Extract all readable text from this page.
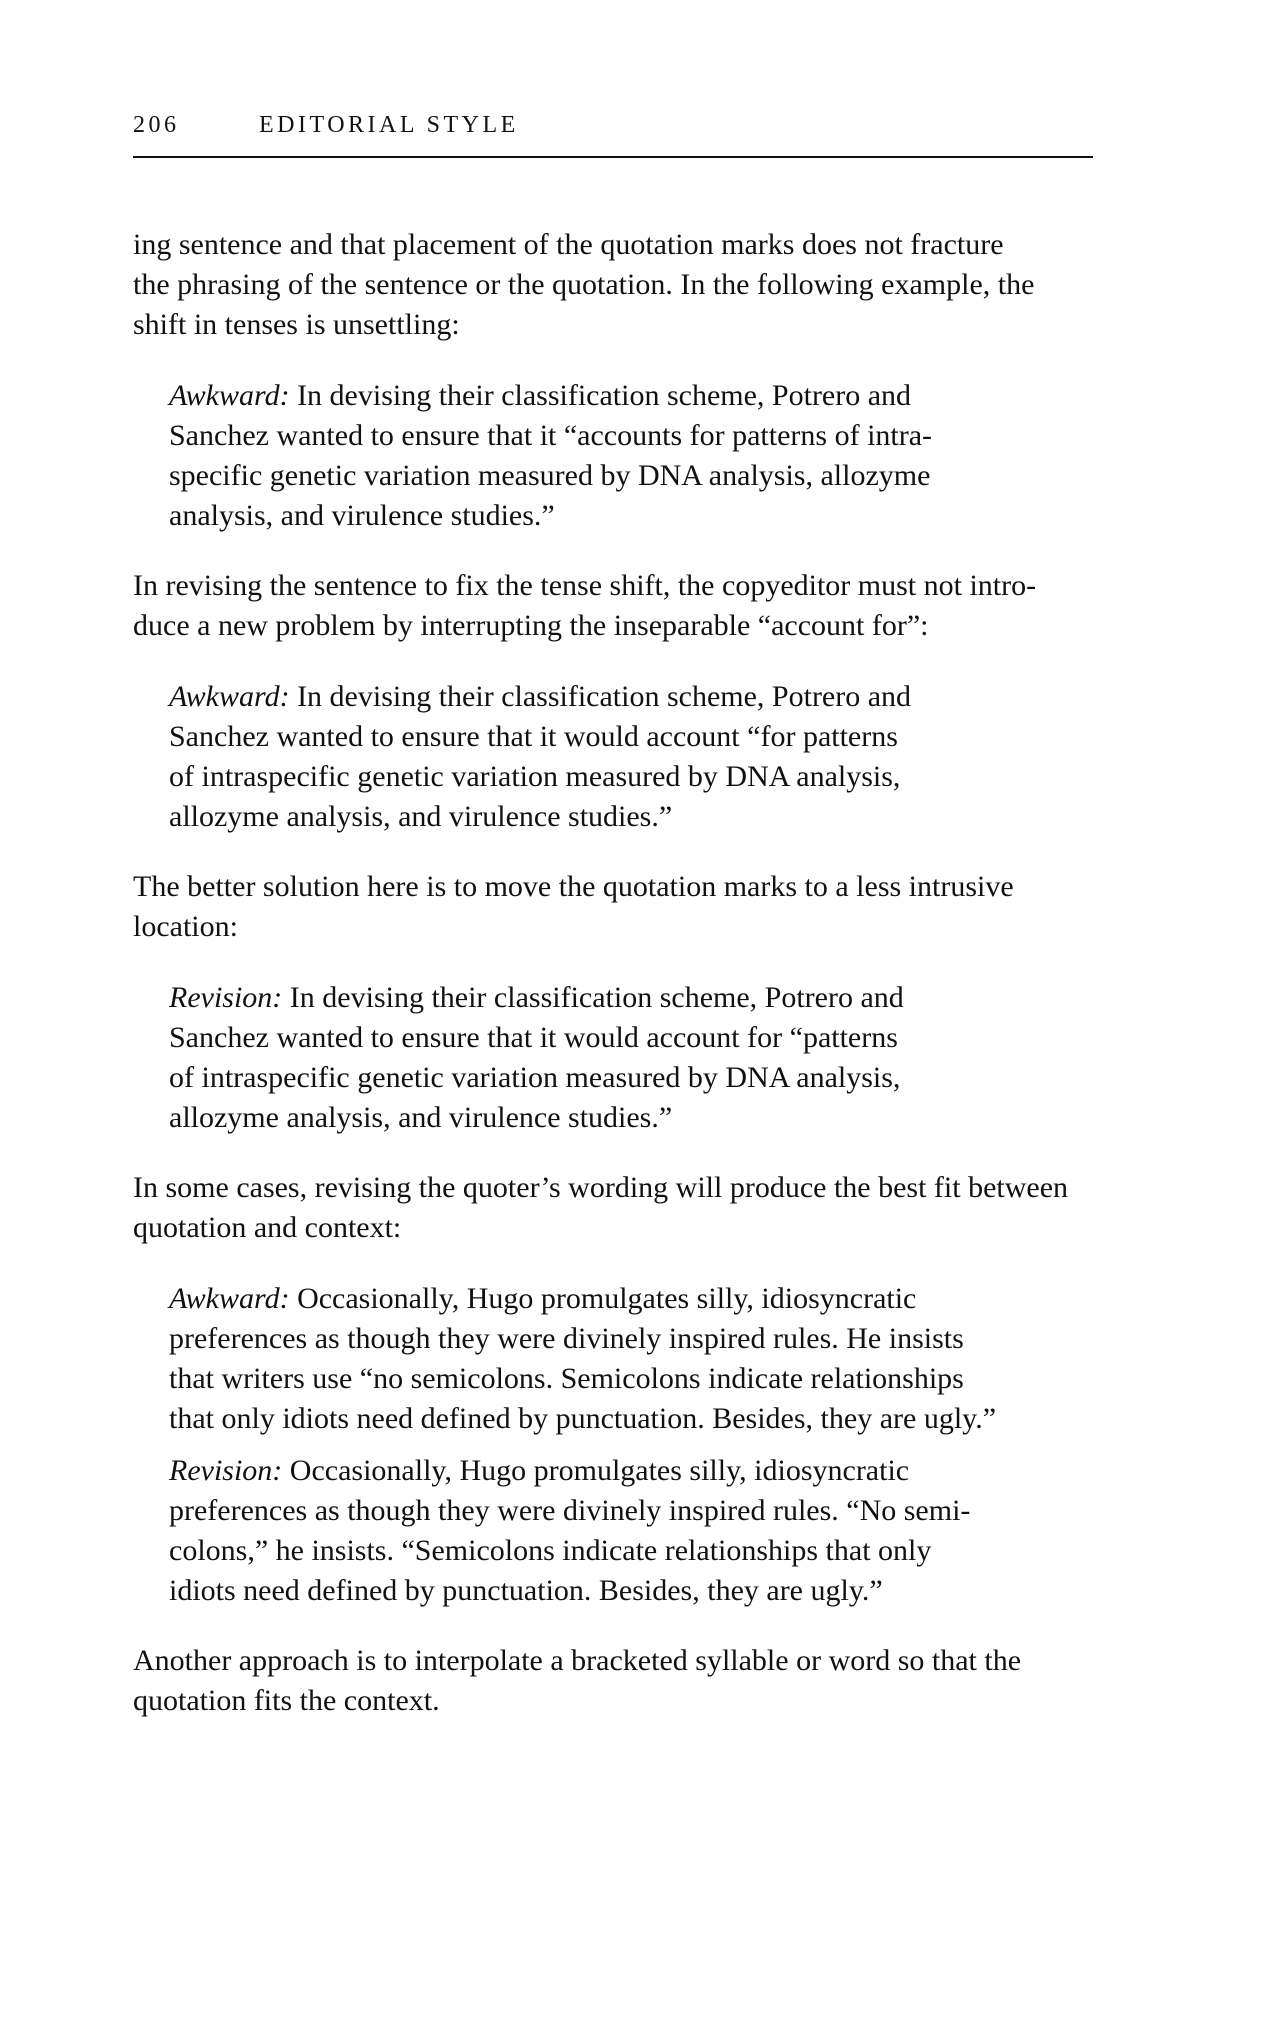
206	EDITORIAL STYLE

ing sentence and that placement of the quotation marks does not fracture
the phrasing of the sentence or the quotation. In the following example, the
shift in tenses is unsettling:

Awkward: In devising their classification scheme, Potrero and
Sanchez wanted to ensure that it “accounts for patterns of intra-
specific genetic variation measured by DNA analysis, allozyme
analysis, and virulence studies.”

In revising the sentence to fix the tense shift, the copyeditor must not intro-
duce a new problem by interrupting the inseparable “account for”:

Awkward: In devising their classification scheme, Potrero and
Sanchez wanted to ensure that it would account “for patterns
of intraspecific genetic variation measured by DNA analysis,
allozyme analysis, and virulence studies.”

The better solution here is to move the quotation marks to a less intrusive
location:

Revision: In devising their classification scheme, Potrero and
Sanchez wanted to ensure that it would account for “patterns
of intraspecific genetic variation measured by DNA analysis,
allozyme analysis, and virulence studies.”

In some cases, revising the quoter’s wording will produce the best fit between
quotation and context:

Awkward: Occasionally, Hugo promulgates silly, idiosyncratic
preferences as though they were divinely inspired rules. He insists
that writers use “no semicolons. Semicolons indicate relationships
that only idiots need defined by punctuation. Besides, they are ugly.”

Revision: Occasionally, Hugo promulgates silly, idiosyncratic
preferences as though they were divinely inspired rules. “No semi-
colons,” he insists. “Semicolons indicate relationships that only
idiots need defined by punctuation. Besides, they are ugly.”

Another approach is to interpolate a bracketed syllable or word so that the
quotation fits the context.
